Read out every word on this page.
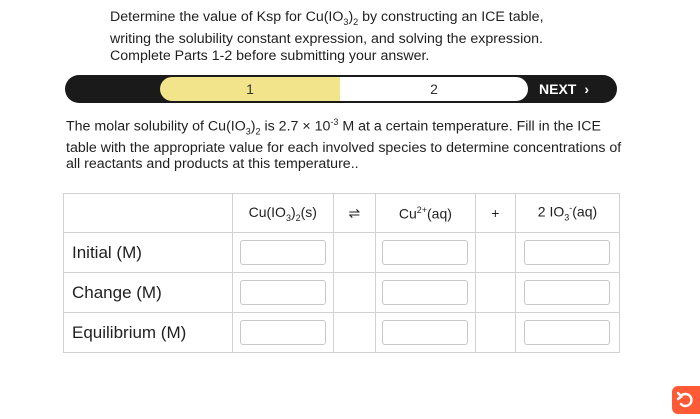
Determine the value of Ksp for $Cu(IO_3)_2$ by constructing an ICE table,

writing the solubility constant expression, and solving the expression.

Complete Parts 1-2 before submitting your answer.

1	2	NEXT ›
The molar solubility of $Cu(IO_3)_2$ is $2.7 \times 10^{-3}$ M at a certain temperature. Fill in the ICE
table with the appropriate value for each involved species to determine concentrations of
all reactants and products at this temperature..
	$Cu(IO_3)_2(s)$	⇌	$Cu^{2+}(aq)$	+	2 $IO_3^-(aq)$
Initial (M)	

Change (M)	

Equilibrium (M)					
